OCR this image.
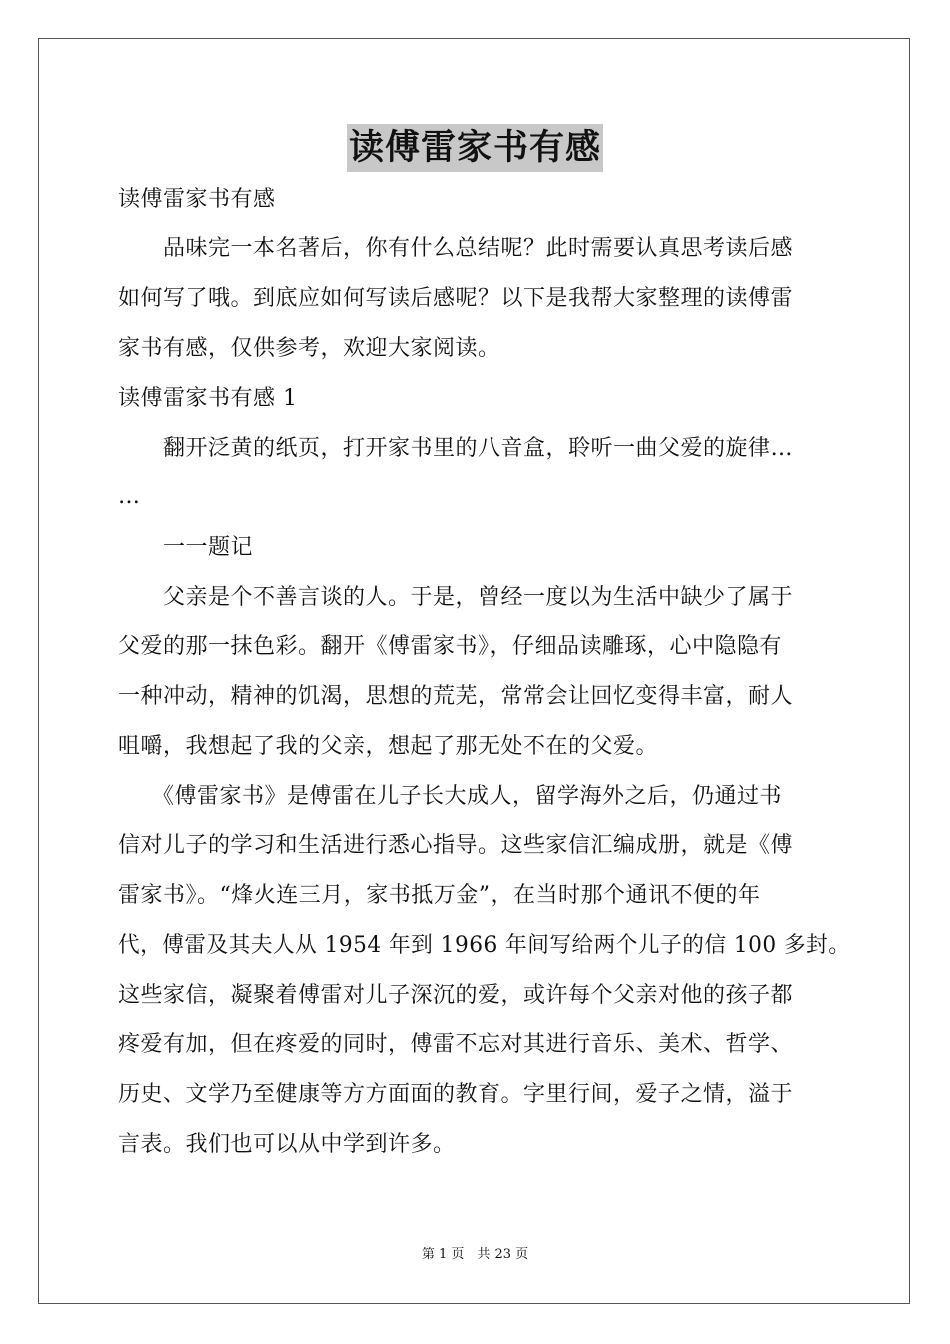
读傅雷家书有感
读傅雷家书有感
　　品味完一本名著后，你有什么总结呢？此时需要认真思考读后感
如何写了哦。到底应如何写读后感呢？以下是我帮大家整理的读傅雷
家书有感，仅供参考，欢迎大家阅读。
读傅雷家书有感 1
　　翻开泛黄的纸页，打开家书里的八音盒，聆听一曲父爱的旋律…
…
　　一一题记
　　父亲是个不善言谈的人。于是，曾经一度以为生活中缺少了属于
父爱的那一抹色彩。翻开《傅雷家书》，仔细品读雕琢，心中隐隐有
一种冲动，精神的饥渴，思想的荒芜，常常会让回忆变得丰富，耐人
咀嚼，我想起了我的父亲，想起了那无处不在的父爱。
　　《傅雷家书》是傅雷在儿子长大成人，留学海外之后，仍通过书
信对儿子的学习和生活进行悉心指导。这些家信汇编成册，就是《傅
雷家书》。“烽火连三月，家书抵万金”，在当时那个通讯不便的年
代，傅雷及其夫人从 1954 年到 1966 年间写给两个儿子的信 100 多封。
这些家信，凝聚着傅雷对儿子深沉的爱，或许每个父亲对他的孩子都
疼爱有加，但在疼爱的同时，傅雷不忘对其进行音乐、美术、哲学、
历史、文学乃至健康等方方面面的教育。字里行间，爱子之情，溢于
言表。我们也可以从中学到许多。
第 1 页　共 23 页
